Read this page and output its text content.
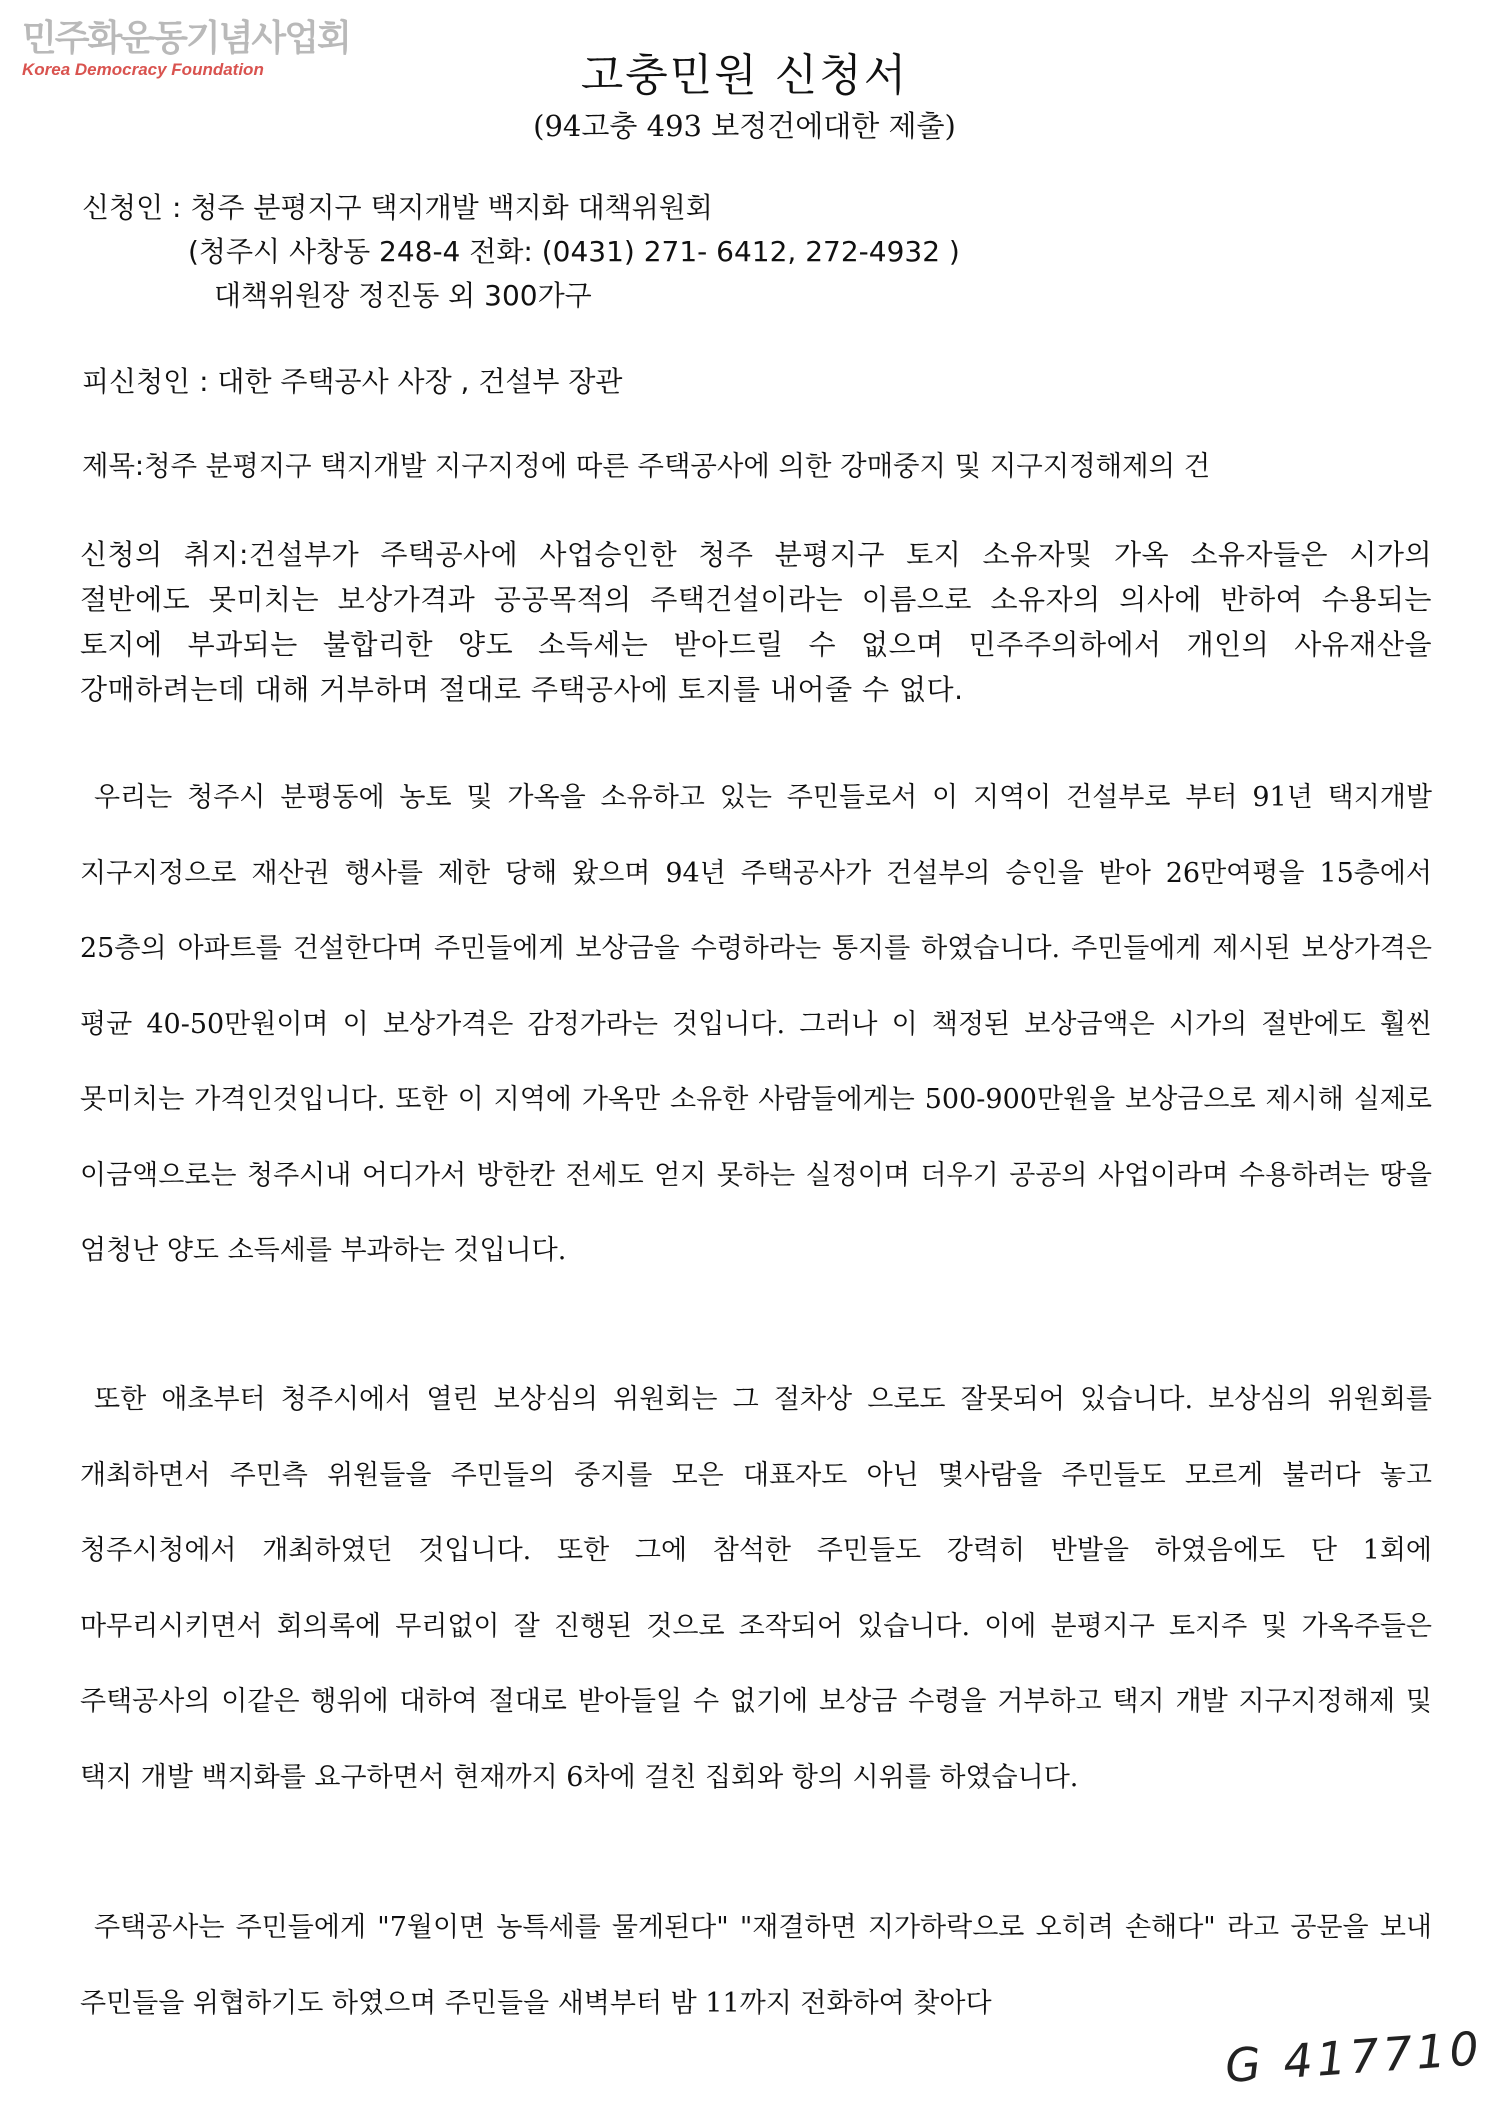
민주화운동기념사업회
Korea Democracy Foundation	고충민원 신청서
(94고충 493 보정건에대한 제출)
신청인 : 청주 분평지구 택지개발 백지화 대책위원회
(청주시 사창동 248-4 전화: (0431) 271- 6412, 272-4932 )
대책위원장 정진동 외 300가구
피신청인 : 대한 주택공사 사장 , 건설부 장관
제목:청주 분평지구 택지개발 지구지정에 따른 주택공사에 의한 강매중지 및 지구지정해제의 건
신청의 취지:건설부가 주택공사에 사업승인한 청주 분평지구 토지 소유자및 가옥 소유자들은 시가의 절반에도 못미치는 보상가격과 공공목적의 주택건설이라는 이름으로 소유자의 의사에 반하여 수용되는 토지에 부과되는 불합리한 양도 소득세는 받아드릴 수 없으며 민주주의하에서 개인의 사유재산을 강매하려는데 대해 거부하며 절대로 주택공사에 토지를 내어줄 수 없다.
우리는 청주시 분평동에 농토 및 가옥을 소유하고 있는 주민들로서 이 지역이 건설부로 부터 91년 택지개발 지구지정으로 재산권 행사를 제한 당해 왔으며 94년 주택공사가 건설부의 승인을 받아 26만여평을 15층에서 25층의 아파트를 건설한다며 주민들에게 보상금을 수령하라는 통지를 하였습니다. 주민들에게 제시된 보상가격은 평균 40-50만원이며 이 보상가격은 감정가라는 것입니다. 그러나 이 책정된 보상금액은 시가의 절반에도 훨씬 못미치는 가격인것입니다. 또한 이 지역에 가옥만 소유한 사람들에게는 500-900만원을 보상금으로 제시해 실제로 이금액으로는 청주시내 어디가서 방한칸 전세도 얻지 못하는 실정이며 더우기 공공의 사업이라며 수용하려는 땅을 엄청난 양도 소득세를 부과하는 것입니다.
또한 애초부터 청주시에서 열린 보상심의 위원회는 그 절차상 으로도 잘못되어 있습니다. 보상심의 위원회를 개최하면서 주민측 위원들을 주민들의 중지를 모은 대표자도 아닌 몇사람을 주민들도 모르게 불러다 놓고 청주시청에서 개최하였던 것입니다. 또한 그에 참석한 주민들도 강력히 반발을 하였음에도 단 1회에 마무리시키면서 회의록에 무리없이 잘 진행된 것으로 조작되어 있습니다. 이에 분평지구 토지주 및 가옥주들은 주택공사의 이같은 행위에 대하여 절대로 받아들일 수 없기에 보상금 수령을 거부하고 택지 개발 지구지정해제 및 택지 개발 백지화를 요구하면서 현재까지 6차에 걸친 집회와 항의 시위를 하였습니다.
주택공사는 주민들에게 "7월이면 농특세를 물게된다" "재결하면 지가하락으로 오히려 손해다" 라고 공문을 보내 주민들을 위협하기도 하였으며 주민들을 새벽부터 밤 11까지 전화하여 찾아다
G 417710
